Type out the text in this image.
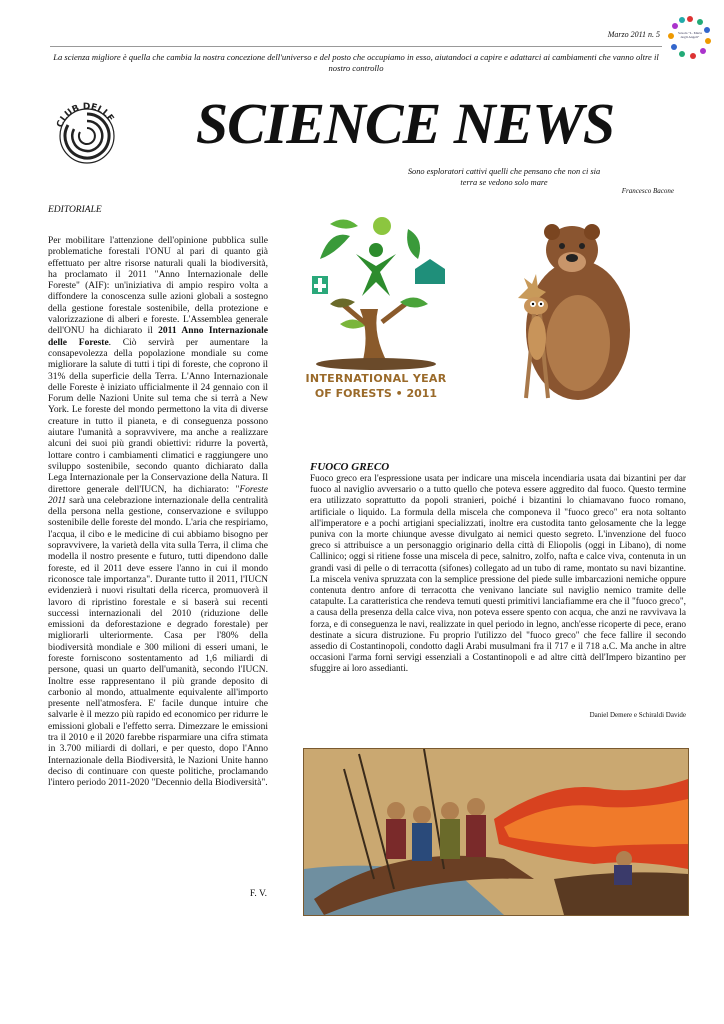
Marzo 2011 n. 5	Scuola "L. Maria degli Angeli"
La scienza migliore è quella che cambia la nostra concezione dell'universo e del posto che occupiamo in esso, aiutandoci a capire e adattarci ai cambiamenti che vanno oltre il nostro controllo
CLUB DELLE	SCIENCE NEWS
Sono esploratori cattivi quelli che pensano che non ci sia terra se vedono solo mare
Francesco Bacone
EDITORIALE
Per mobilitare l'attenzione dell'opinione pubblica sulle problematiche forestali l'ONU al pari di quanto già effettuato per altre risorse naturali quali la biodiversità, ha proclamato il 2011 "Anno Internazionale delle Foreste" (AIF): un'iniziativa di ampio respiro volta a diffondere la conoscenza sulle azioni globali a sostegno della gestione forestale sostenibile, della protezione e valorizzazione di alberi e foreste. L'Assemblea generale dell'ONU ha dichiarato il 2011 Anno Internazionale delle Foreste. Ciò servirà per aumentare la consapevolezza della popolazione mondiale su come migliorare la salute di tutti i tipi di foreste, che coprono il 31% della superficie della Terra. L'Anno Internazionale delle Foreste è iniziato ufficialmente il 24 gennaio con il Forum delle Nazioni Unite sul tema che si terrà a New York. Le foreste del mondo permettono la vita di diverse creature in tutto il pianeta, e di conseguenza possono aiutare l'umanità a sopravvivere, ma anche a realizzare alcuni dei suoi più grandi obiettivi: ridurre la povertà, lottare contro i cambiamenti climatici e raggiungere uno sviluppo sostenibile, secondo quanto dichiarato dalla Lega Internazionale per la Conservazione della Natura. Il direttore generale dell'IUCN, ha dichiarato: "Foreste 2011 sarà una celebrazione internazionale della centralità della persona nella gestione, conservazione e sviluppo sostenibile delle foreste del mondo. L'aria che respiriamo, l'acqua, il cibo e le medicine di cui abbiamo bisogno per sopravvivere, la varietà della vita sulla Terra, il clima che modella il nostro presente e futuro, tutti dipendono dalle foreste, ed il 2011 deve essere l'anno in cui il mondo riconosce tale importanza". Durante tutto il 2011, l'IUCN evidenzierà i nuovi risultati della ricerca, promuoverà il lavoro di ripristino forestale e si baserà sui recenti successi internazionali del 2010 (riduzione delle emissioni da deforestazione e degrado forestale) per migliorarli ulteriormente. Casa per l'80% della biodiversità mondiale e 300 milioni di esseri umani, le foreste forniscono sostentamento ad 1,6 miliardi di persone, quasi un quarto dell'umanità, secondo l'IUCN. Inoltre esse rappresentano il più grande deposito di carbonio al mondo, attualmente equivalente all'importo presente nell'atmosfera. E' facile dunque intuire che salvarle è il mezzo più rapido ed economico per ridurre le emissioni globali e l'effetto serra. Dimezzare le emissioni tra il 2010 e il 2020 farebbe risparmiare una cifra stimata in 3.700 miliardi di dollari, e per questo, dopo l'Anno Internazionale della Biodiversità, le Nazioni Unite hanno deciso di continuare con queste politiche, proclamando l'intero periodo 2011-2020 "Decennio della Biodiversità".
F. V.
INTERNATIONAL YEAR
OF FORESTS • 2011
FUOCO GRECO
Fuoco greco era l'espressione usata per indicare una miscela incendiaria usata dai bizantini per dar fuoco al naviglio avversario o a tutto quello che poteva essere aggredito dal fuoco. Questo termine era utilizzato soprattutto da popoli stranieri, poiché i bizantini lo chiamavano fuoco romano, artificiale o liquido. La formula della miscela che componeva il "fuoco greco" era nota soltanto all'imperatore e a pochi artigiani specializzati, inoltre era custodita tanto gelosamente che la legge puniva con la morte chiunque avesse divulgato ai nemici questo segreto. L'invenzione del fuoco greco si attribuisce a un personaggio originario della città di Eliopolis (oggi in Libano), di nome Callinico; oggi si ritiene fosse una miscela di pece, salnitro, zolfo, nafta e calce viva, contenuta in un grandi vasi di pelle o di terracotta (sifones) collegato ad un tubo di rame, montato su navi bizantine. La miscela veniva spruzzata con la semplice pressione del piede sulle imbarcazioni nemiche oppure contenuta dentro anfore di terracotta che venivano lanciate sul naviglio nemico tramite delle catapulte. La caratteristica che rendeva temuti questi primitivi lanciafiamme era che il "fuoco greco", a causa della presenza della calce viva, non poteva essere spento con acqua, che anzi ne ravvivava la forza, e di conseguenza le navi, realizzate in quel periodo in legno, anch'esse ricoperte di pece, erano destinate a sicura distruzione. Fu proprio l'utilizzo del "fuoco greco" che fece fallire il secondo assedio di Costantinopoli, condotto dagli Arabi musulmani fra il 717 e il 718 a.C. Ma anche in altre occasioni l'arma fornì servigi essenziali a Costantinopoli e ad altre città dell'Impero bizantino per sfuggire ai loro assedianti.
Daniel Demere e Schiraldi Davide
